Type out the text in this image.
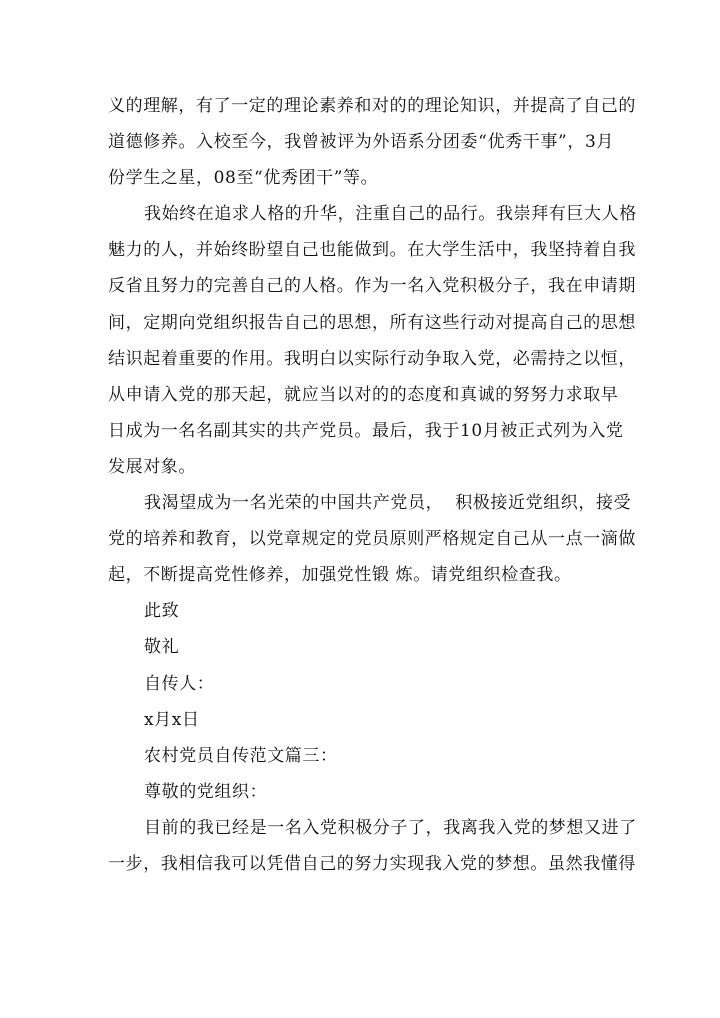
义的理解，有了一定的理论素养和对的的理论知识，并提高了自己的
道德修养。入校至今，我曾被评为外语系分团委“优秀干事”，3月
份学生之星，08至“优秀团干”等。

我始终在追求人格的升华，注重自己的品行。我崇拜有巨大人格
魅力的人，并始终盼望自己也能做到。在大学生活中，我坚持着自我
反省且努力的完善自己的人格。作为一名入党积极分子，我在申请期
间，定期向党组织报告自己的思想，所有这些行动对提高自己的思想
结识起着重要的作用。我明白以实际行动争取入党，必需持之以恒，
从申请入党的那天起，就应当以对的的态度和真诚的努努力求取早
日成为一名名副其实的共产党员。最后，我于10月被正式列为入党
发展对象。

我渴望成为一名光荣的中国共产党员，  积极接近党组织，接受
党的培养和教育，以党章规定的党员原则严格规定自己从一点一滴做
起，不断提高党性修养，加强党性锻 炼。请党组织检查我。

此致

敬礼

自传人：

x月x日

农村党员自传范文篇三：

尊敬的党组织：

目前的我已经是一名入党积极分子了，我离我入党的梦想又进了
一步，我相信我可以凭借自己的努力实现我入党的梦想。虽然我懂得
